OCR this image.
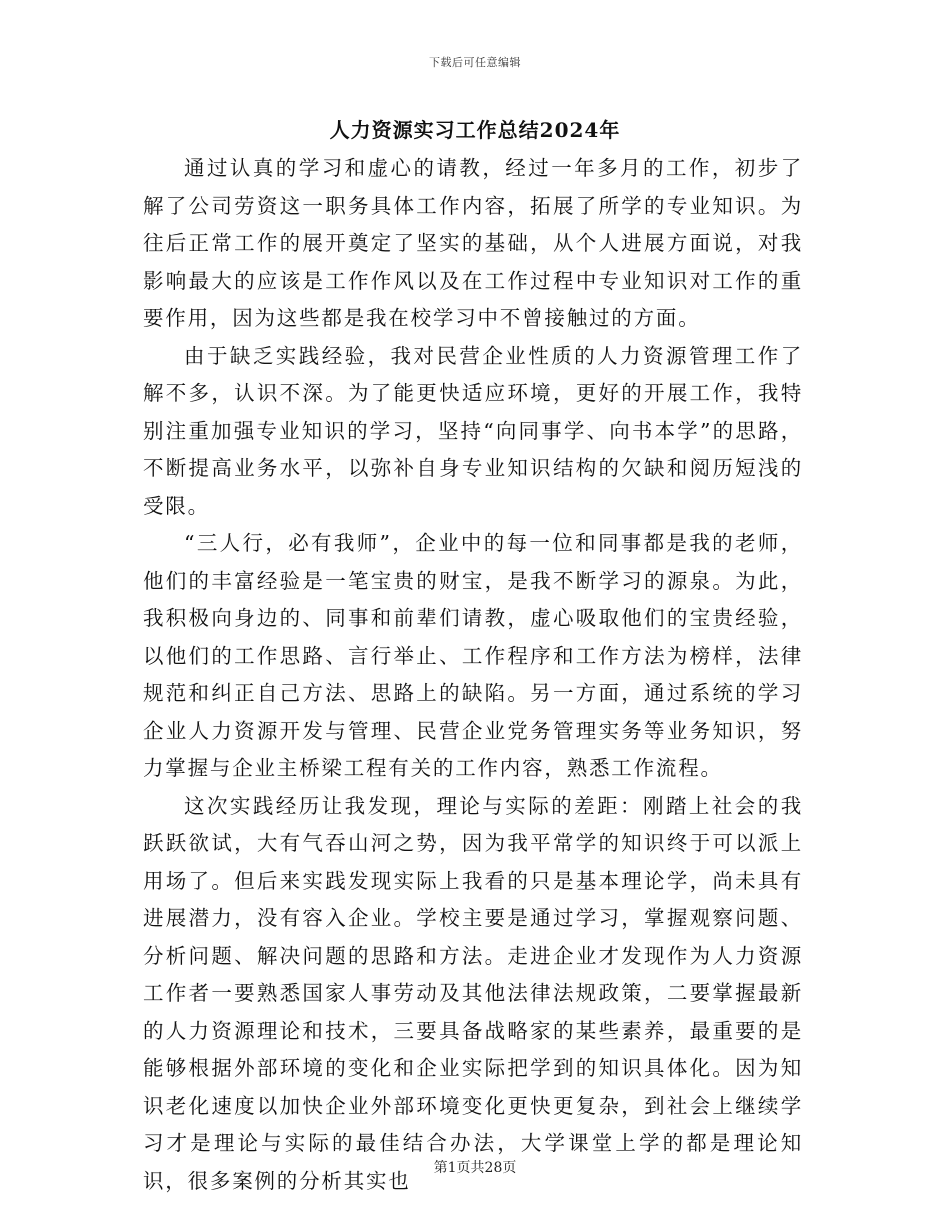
下载后可任意编辑
人力资源实习工作总结2024年

通过认真的学习和虚心的请教，经过一年多月的工作，初步了解了公司劳资这一职务具体工作内容，拓展了所学的专业知识。为往后正常工作的展开奠定了坚实的基础，从个人进展方面说，对我影响最大的应该是工作作风以及在工作过程中专业知识对工作的重要作用，因为这些都是我在校学习中不曾接触过的方面。

由于缺乏实践经验，我对民营企业性质的人力资源管理工作了解不多，认识不深。为了能更快适应环境，更好的开展工作，我特别注重加强专业知识的学习，坚持“向同事学、向书本学”的思路，不断提高业务水平，以弥补自身专业知识结构的欠缺和阅历短浅的受限。

“三人行，必有我师”，企业中的每一位和同事都是我的老师，他们的丰富经验是一笔宝贵的财宝，是我不断学习的源泉。为此，我积极向身边的、同事和前辈们请教，虚心吸取他们的宝贵经验，以他们的工作思路、言行举止、工作程序和工作方法为榜样，法律规范和纠正自己方法、思路上的缺陷。另一方面，通过系统的学习企业人力资源开发与管理、民营企业党务管理实务等业务知识，努力掌握与企业主桥梁工程有关的工作内容，熟悉工作流程。

这次实践经历让我发现，理论与实际的差距：刚踏上社会的我跃跃欲试，大有气吞山河之势，因为我平常学的知识终于可以派上用场了。但后来实践发现实际上我看的只是基本理论学，尚未具有进展潜力，没有容入企业。学校主要是通过学习，掌握观察问题、分析问题、解决问题的思路和方法。走进企业才发现作为人力资源工作者一要熟悉国家人事劳动及其他法律法规政策，二要掌握最新的人力资源理论和技术，三要具备战略家的某些素养，最重要的是能够根据外部环境的变化和企业实际把学到的知识具体化。因为知识老化速度以加快企业外部环境变化更快更复杂，到社会上继续学习才是理论与实际的最佳结合办法，大学课堂上学的都是理论知识，很多案例的分析其实也

第1页共28页
